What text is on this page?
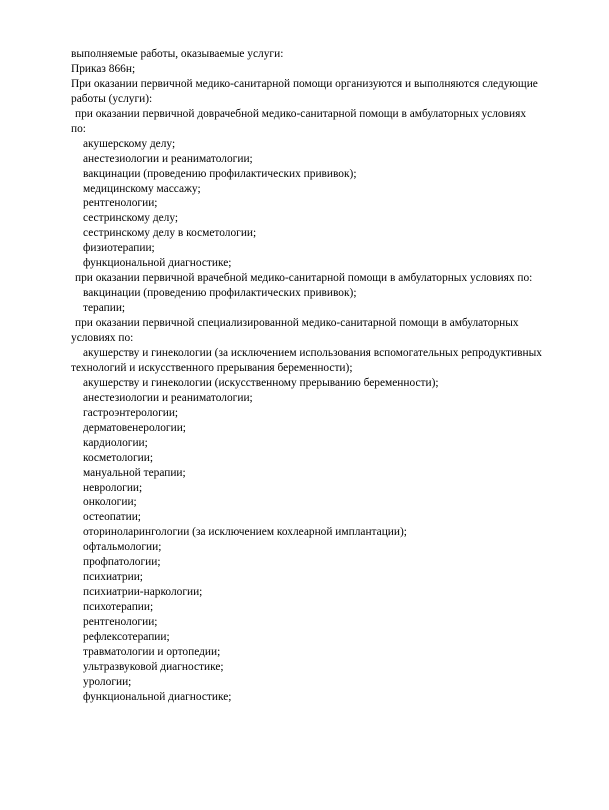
выполняемые работы, оказываемые услуги:
Приказ 866н;
При оказании первичной медико-санитарной помощи организуются и выполняются следующие
работы (услуги):
при оказании первичной доврачебной медико-санитарной помощи в амбулаторных условиях
по:
акушерскому делу;
анестезиологии и реаниматологии;
вакцинации (проведению профилактических прививок);
медицинскому массажу;
рентгенологии;
сестринскому делу;
сестринскому делу в косметологии;
физиотерапии;
функциональной диагностике;
при оказании первичной врачебной медико-санитарной помощи в амбулаторных условиях по:
вакцинации (проведению профилактических прививок);
терапии;
при оказании первичной специализированной медико-санитарной помощи в амбулаторных
условиях по:
акушерству и гинекологии (за исключением использования вспомогательных репродуктивных
технологий и искусственного прерывания беременности);
акушерству и гинекологии (искусственному прерыванию беременности);
анестезиологии и реаниматологии;
гастроэнтерологии;
дерматовенерологии;
кардиологии;
косметологии;
мануальной терапии;
неврологии;
онкологии;
остеопатии;
оториноларингологии (за исключением кохлеарной имплантации);
офтальмологии;
профпатологии;
психиатрии;
психиатрии-наркологии;
психотерапии;
рентгенологии;
рефлексотерапии;
травматологии и ортопедии;
ультразвуковой диагностике;
урологии;
функциональной диагностике;
